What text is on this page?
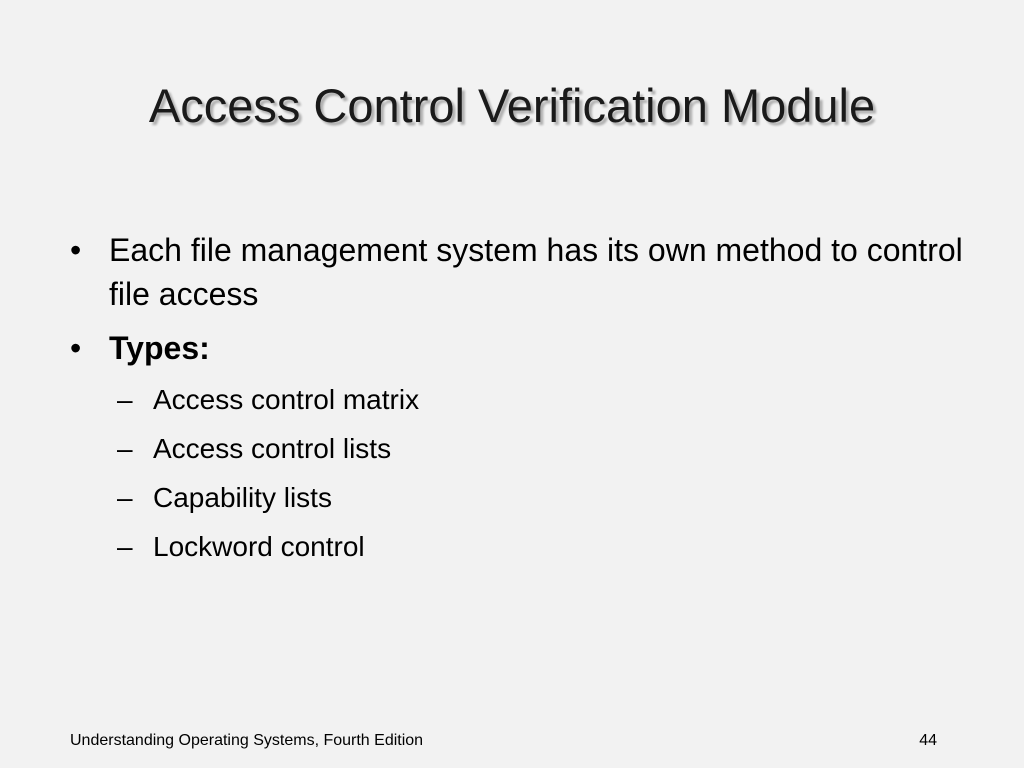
Access Control Verification Module
• Each file management system has its own method to control file access
• Types:
– Access control matrix
– Access control lists
– Capability lists
– Lockword control
Understanding Operating Systems, Fourth Edition	44
